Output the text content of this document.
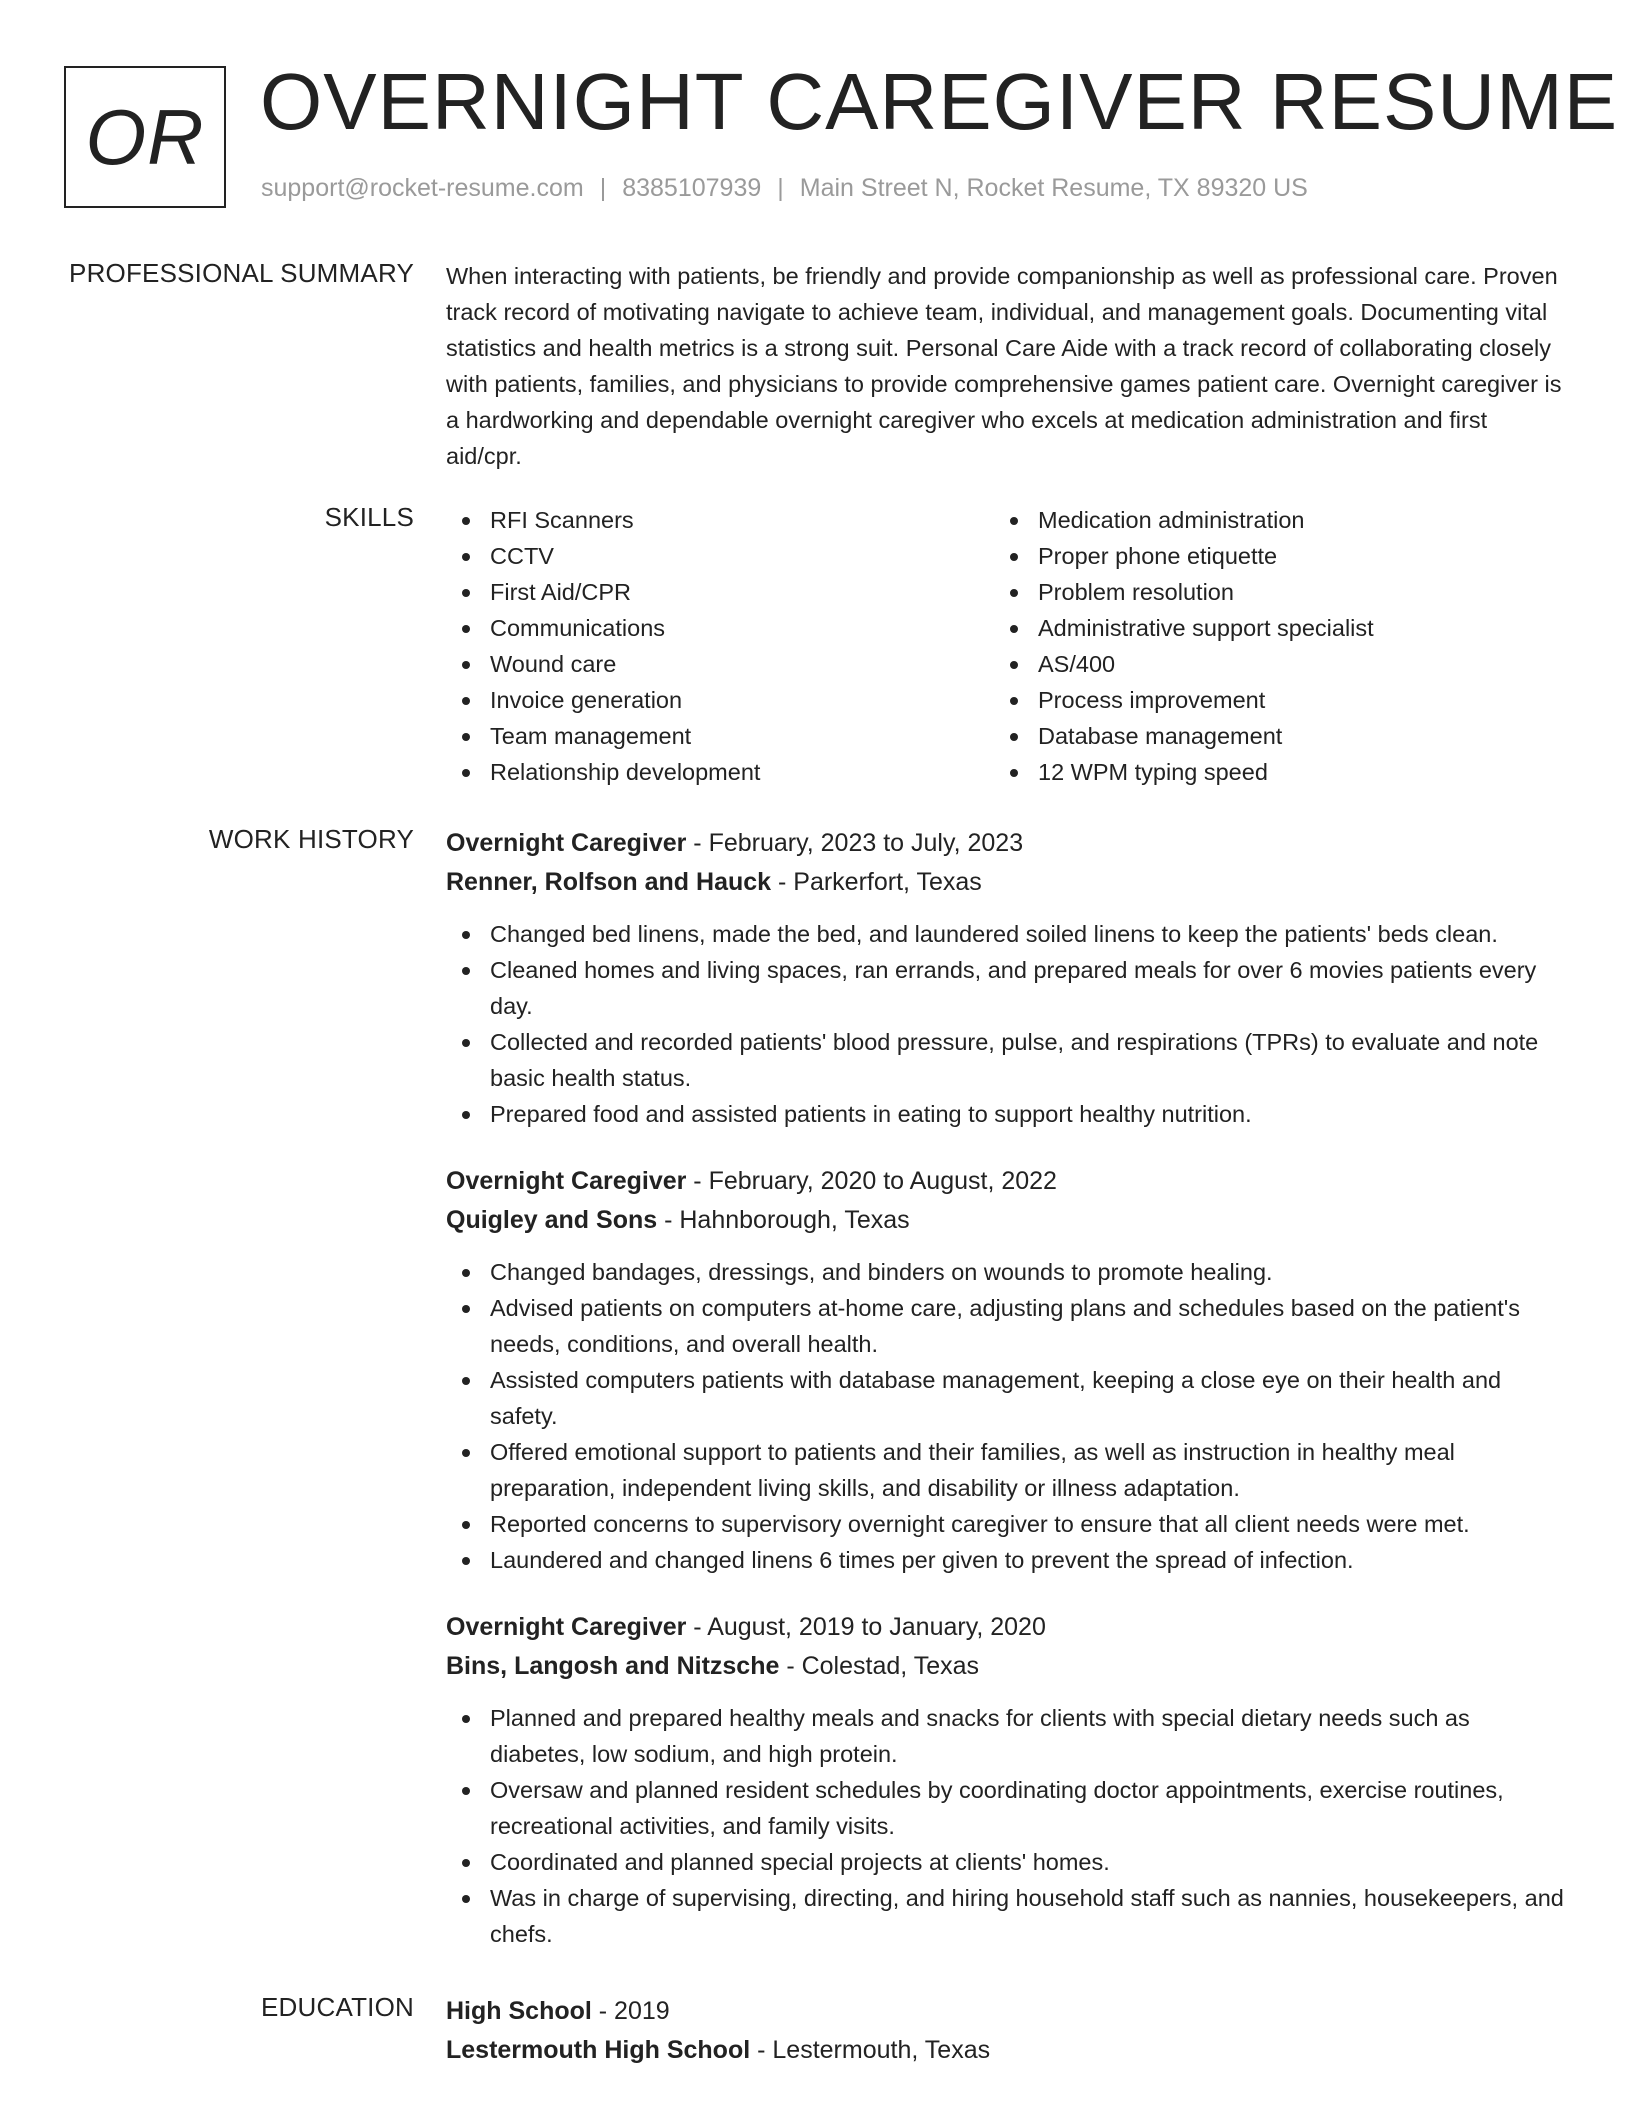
OR OVERNIGHT CAREGIVER RESUME
support@rocket-resume.com | 8385107939 | Main Street N, Rocket Resume, TX 89320 US
PROFESSIONAL SUMMARY When interacting with patients, be friendly and provide companionship as well as professional care. Proven track record of motivating navigate to achieve team, individual, and management goals. Documenting vital statistics and health metrics is a strong suit. Personal Care Aide with a track record of collaborating closely with patients, families, and physicians to provide comprehensive games patient care. Overnight caregiver is a hardworking and dependable overnight caregiver who excels at medication administration and first aid/cpr.

SKILLS	RFI Scanners
CCTV
First Aid/CPR
Communications
Wound care
Invoice generation
Team management
Relationship development
Medication administration
Proper phone etiquette
Problem resolution
Administrative support specialist
AS/400
Process improvement
Database management
12 WPM typing speed
WORK HISTORY Overnight Caregiver - February, 2023 to July, 2023
Renner, Rolfson and Hauck - Parkerfort, Texas
Changed bed linens, made the bed, and laundered soiled linens to keep the patients' beds clean.
Cleaned homes and living spaces, ran errands, and prepared meals for over 6 movies patients every day.
Collected and recorded patients' blood pressure, pulse, and respirations (TPRs) to evaluate and note basic health status.
Prepared food and assisted patients in eating to support healthy nutrition.
Overnight Caregiver - February, 2020 to August, 2022
Quigley and Sons - Hahnborough, Texas
Changed bandages, dressings, and binders on wounds to promote healing.
Advised patients on computers at-home care, adjusting plans and schedules based on the patient's needs, conditions, and overall health.
Assisted computers patients with database management, keeping a close eye on their health and safety.
Offered emotional support to patients and their families, as well as instruction in healthy meal preparation, independent living skills, and disability or illness adaptation.
Reported concerns to supervisory overnight caregiver to ensure that all client needs were met.
Laundered and changed linens 6 times per given to prevent the spread of infection.
Overnight Caregiver - August, 2019 to January, 2020
Bins, Langosh and Nitzsche - Colestad, Texas
Planned and prepared healthy meals and snacks for clients with special dietary needs such as diabetes, low sodium, and high protein.
Oversaw and planned resident schedules by coordinating doctor appointments, exercise routines, recreational activities, and family visits.
Coordinated and planned special projects at clients' homes.
Was in charge of supervising, directing, and hiring household staff such as nannies, housekeepers, and chefs.
EDUCATION High School - 2019
Lestermouth High School - Lestermouth, Texas
